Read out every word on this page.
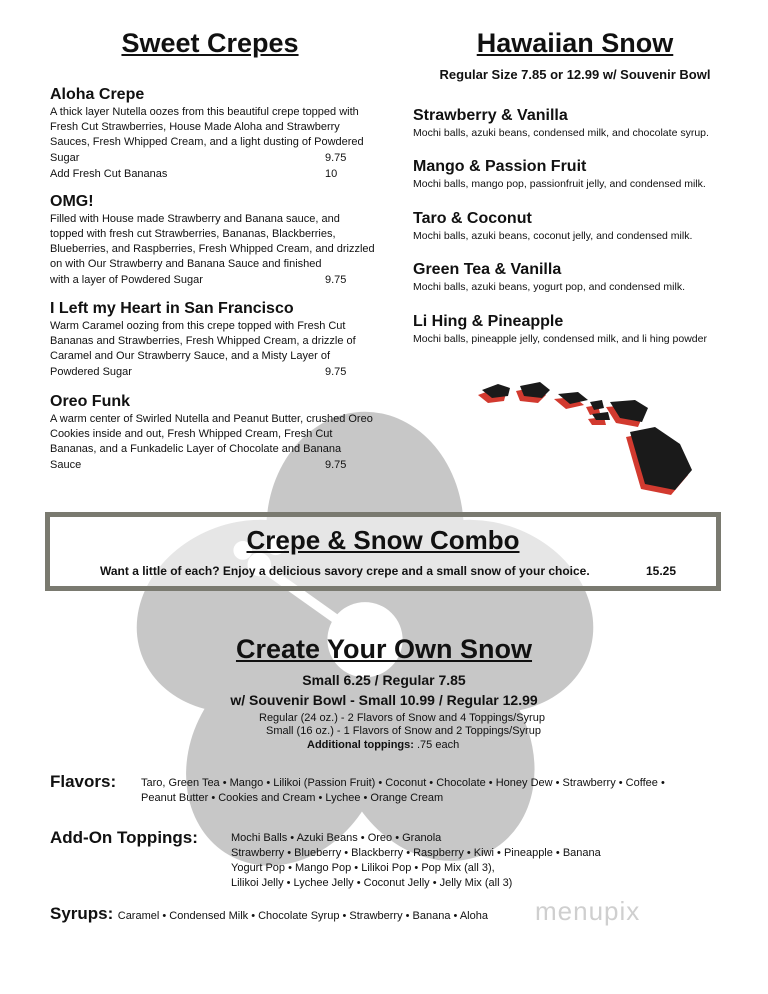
Sweet Crepes

Aloha Crepe

A thick layer Nutella oozes from this beautiful crepe topped with Fresh Cut Strawberries, House Made Aloha and Strawberry Sauces, Fresh Whipped Cream, and a light dusting of Powdered

Sugar	9.75
Add Fresh Cut Bananas	10

OMG!

Filled with House made Strawberry and Banana sauce, and topped with fresh cut Strawberries, Bananas, Blackberries, Blueberries, and Raspberries, Fresh Whipped Cream, and drizzled on with Our Strawberry and Banana Sauce and finished

with a layer of Powdered Sugar	9.75

I Left my Heart in San Francisco

Warm Caramel oozing from this crepe topped with Fresh Cut Bananas and Strawberries, Fresh Whipped Cream, a drizzle of Caramel and Our Strawberry Sauce, and a Misty Layer of

Powdered Sugar	9.75

Oreo Funk

A warm center of Swirled Nutella and Peanut Butter, crushed Oreo Cookies inside and out, Fresh Whipped Cream, Fresh Cut Bananas, and a Funkadelic Layer of Chocolate and Banana

Sauce	9.75
Hawaiian Snow
Regular Size 7.85 or 12.99 w/ Souvenir Bowl

Strawberry & Vanilla

Mochi balls, azuki beans, condensed milk, and chocolate syrup.

Mango & Passion Fruit

Mochi balls, mango pop, passionfruit jelly, and condensed milk.

Taro & Coconut

Mochi balls, azuki beans, coconut jelly, and condensed milk.

Green Tea & Vanilla

Mochi balls, azuki beans, yogurt pop, and condensed milk.

Li Hing & Pineapple

Mochi balls, pineapple jelly, condensed milk, and li hing powder

Crepe & Snow Combo
Want a little of each? Enjoy a delicious savory crepe and a small snow of your choice.	15.25
Create Your Own Snow
Small 6.25 / Regular 7.85
w/ Souvenir Bowl - Small 10.99 / Regular 12.99
Regular (24 oz.) - 2 Flavors of Snow and 4 Toppings/Syrup
Small (16 oz.) - 1 Flavors of Snow and 2 Toppings/Syrup
Additional toppings: .75 each
Flavors: Taro, Green Tea • Mango • Lilikoi (Passion Fruit) • Coconut • Chocolate • Honey Dew • Strawberry • Coffee •
Peanut Butter • Cookies and Cream • Lychee • Orange Cream
Add-On Toppings:	Mochi Balls • Azuki Beans • Oreo • Granola
Strawberry • Blueberry • Blackberry • Raspberry • Kiwi • Pineapple • Banana
Yogurt Pop • Mango Pop • Lilikoi Pop • Pop Mix (all 3),
Lilikoi Jelly • Lychee Jelly • Coconut Jelly • Jelly Mix (all 3)
Syrups: Caramel • Condensed Milk • Chocolate Syrup • Strawberry • Banana • Aloha menupix
